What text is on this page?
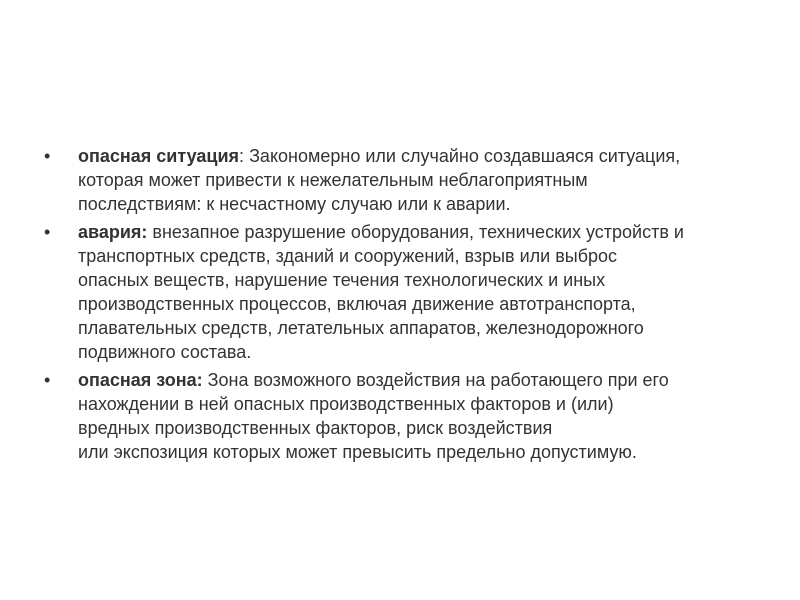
•	опасная ситуация: Закономерно или случайно создавшаяся ситуация,
которая может привести к нежелательным неблагоприятным
последствиям: к несчастному случаю или к аварии.
•	авария: внезапное разрушение оборудования, технических устройств и
транспортных средств, зданий и сооружений, взрыв или выброс
опасных веществ, нарушение течения технологических и иных
производственных процессов, включая движение автотранспорта,
плавательных средств, летательных аппаратов, железнодорожного
подвижного состава.
•	опасная зона: Зона возможного воздействия на работающего при его
нахождении в ней опасных производственных факторов и (или)
вредных производственных факторов, риск воздействия
или экспозиция которых может превысить предельно допустимую.
